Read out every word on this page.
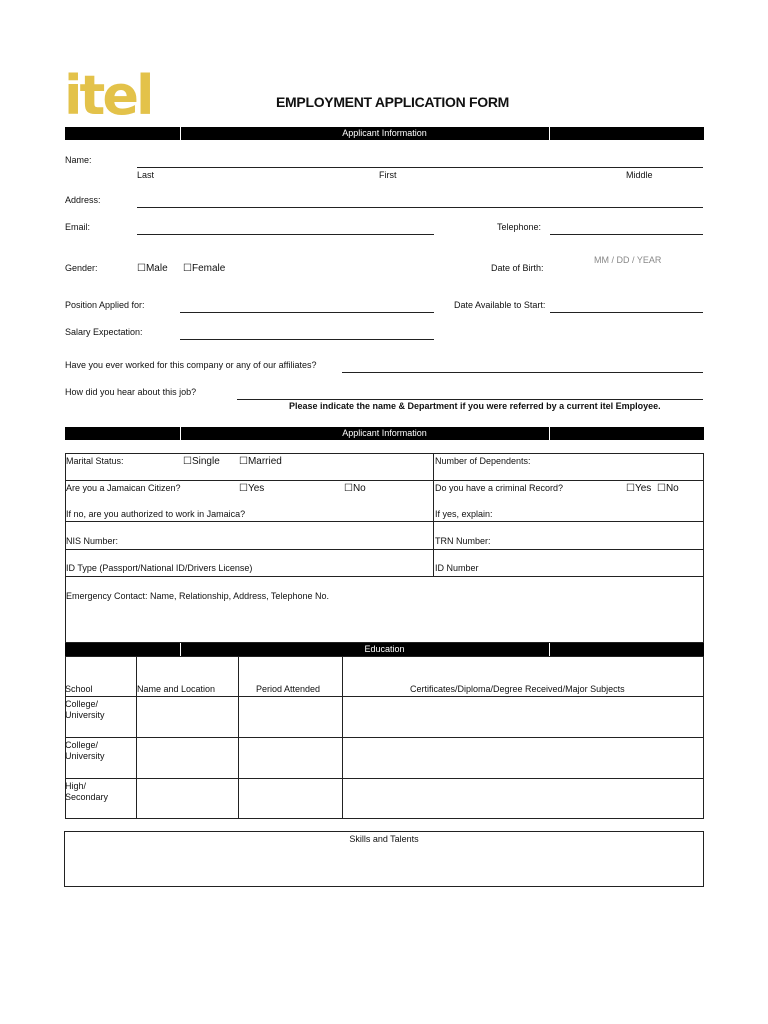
itel	EMPLOYMENT APPLICATION FORM
Applicant Information
Name:
Last	First	Middle
Address:
Email:	Telephone:
Gender:	☐Male ☐Female	Date of Birth:
MM / DD / YEAR
Position Applied for:	Date Available to Start:
Salary Expectation:
Have you ever worked for this company or any of our affiliates?
How did you hear about this job?
Please indicate the name & Department if you were referred by a current itel Employee.
Applicant Information
Marital Status:	☐Single ☐Married	Number of Dependents:
Are you a Jamaican Citizen?	☐Yes	☐No	Do you have a criminal Record?	☐Yes ☐No
If no, are you authorized to work in Jamaica?	If yes, explain:
NIS Number:	TRN Number:
ID Type (Passport/National ID/Drivers License)	ID Number
Emergency Contact: Name, Relationship, Address, Telephone No.
Education
School	Name and Location	Period Attended	Certificates/Diploma/Degree Received/Major Subjects
College/ University
College/ University
High/ Secondary
Skills and Talents
